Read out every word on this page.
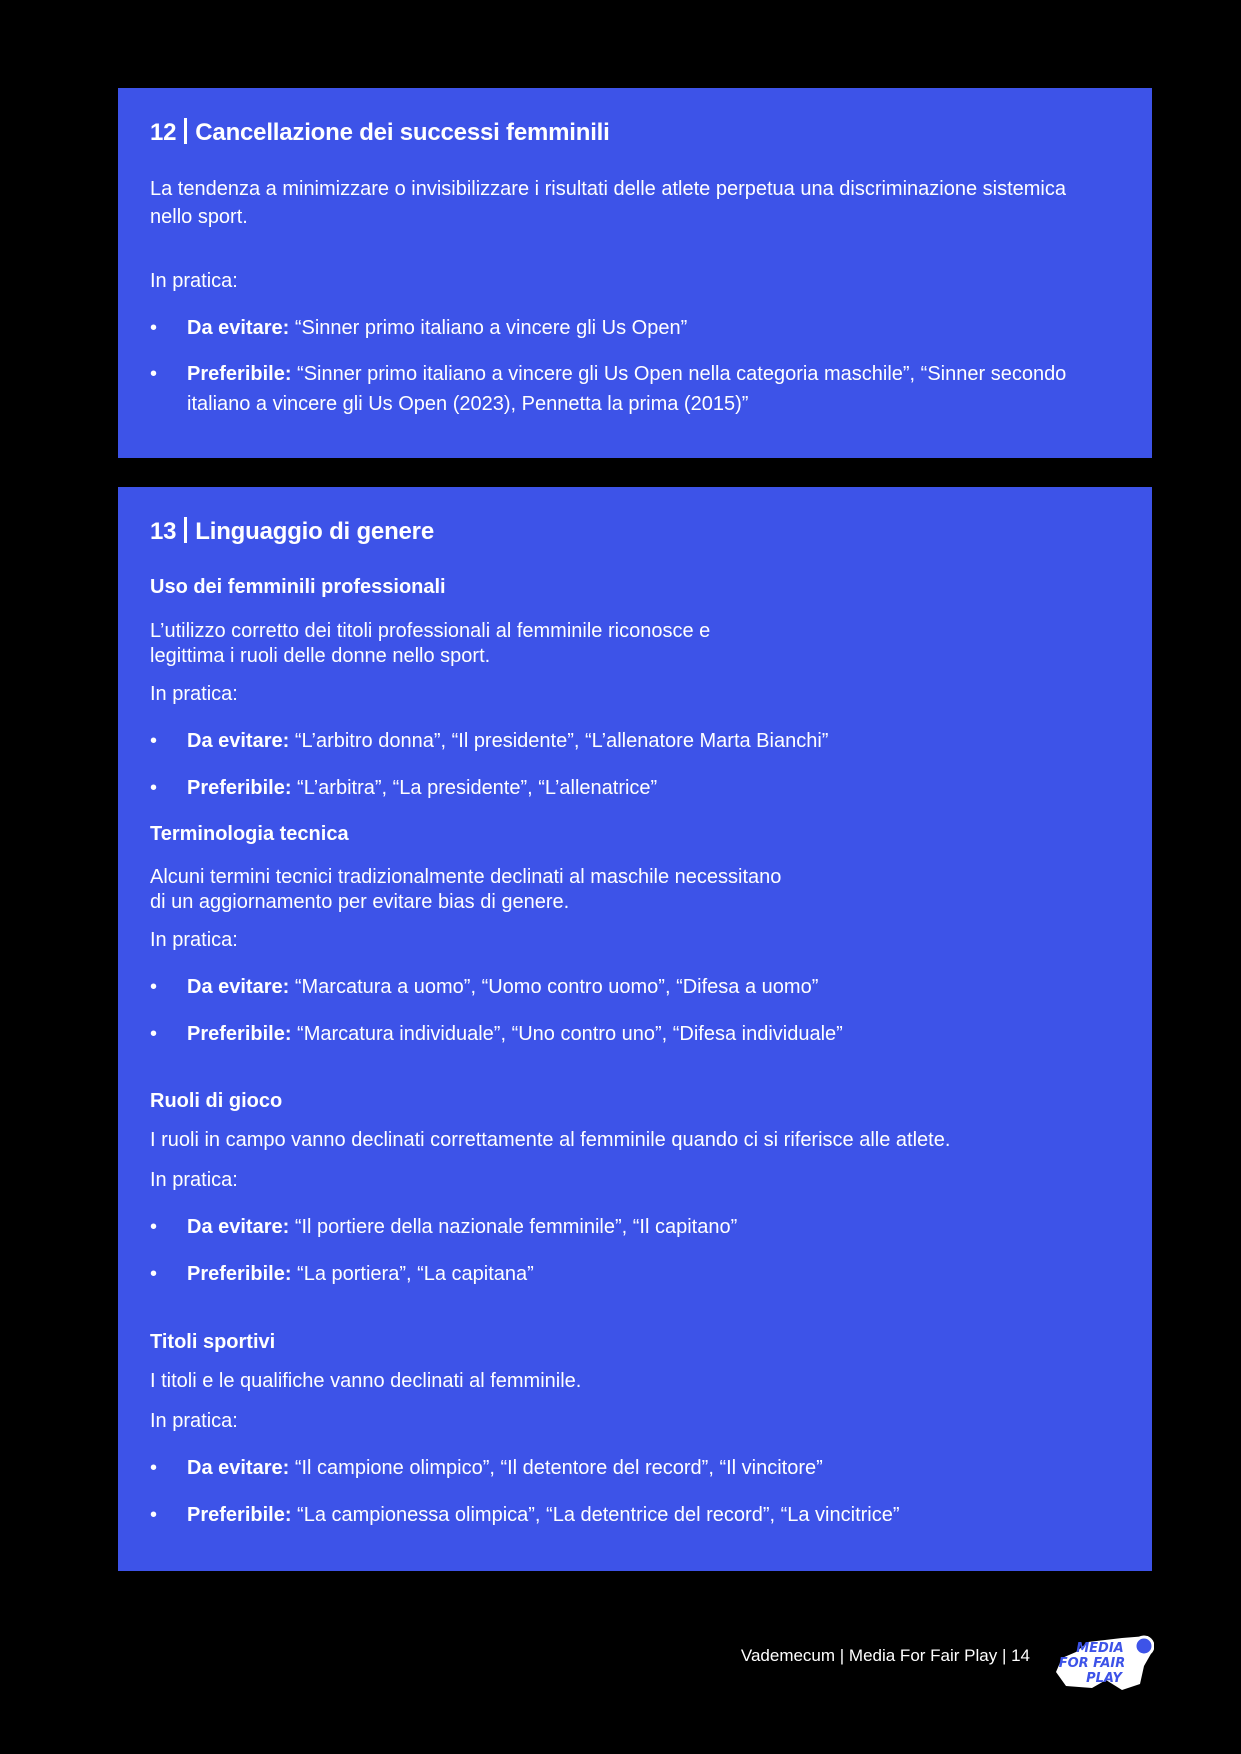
12 Cancellazione dei successi femminili

La tendenza a minimizzare o invisibilizzare i risultati delle atlete perpetua una discriminazione sistemica nello sport.

In pratica:

• Da evitare: “Sinner primo italiano a vincere gli Us Open”
• Preferibile: “Sinner primo italiano a vincere gli Us Open nella categoria maschile”, “Sinner secondo italiano a vincere gli Us Open (2023), Pennetta la prima (2015)”
13 Linguaggio di genere

Uso dei femminili professionali

L’utilizzo corretto dei titoli professionali al femminile riconosce e

legittima i ruoli delle donne nello sport.

In pratica:

• Da evitare: “L’arbitro donna”, “Il presidente”, “L’allenatore Marta Bianchi”
• Preferibile: “L’arbitra”, “La presidente”, “L’allenatrice”

Terminologia tecnica

Alcuni termini tecnici tradizionalmente declinati al maschile necessitano

di un aggiornamento per evitare bias di genere.

In pratica:

• Da evitare: “Marcatura a uomo”, “Uomo contro uomo”, “Difesa a uomo”
• Preferibile: “Marcatura individuale”, “Uno contro uno”, “Difesa individuale”

Ruoli di gioco

I ruoli in campo vanno declinati correttamente al femminile quando ci si riferisce alle atlete.

In pratica:

• Da evitare: “Il portiere della nazionale femminile”, “Il capitano”
• Preferibile: “La portiera”, “La capitana”

Titoli sportivi

I titoli e le qualifiche vanno declinati al femminile.

In pratica:

• Da evitare: “Il campione olimpico”, “Il detentore del record”, “Il vincitore”
• Preferibile: “La campionessa olimpica”, “La detentrice del record”, “La vincitrice”
Vademecum | Media For Fair Play | 14	MEDIA
FOR FAIR
PLAY
